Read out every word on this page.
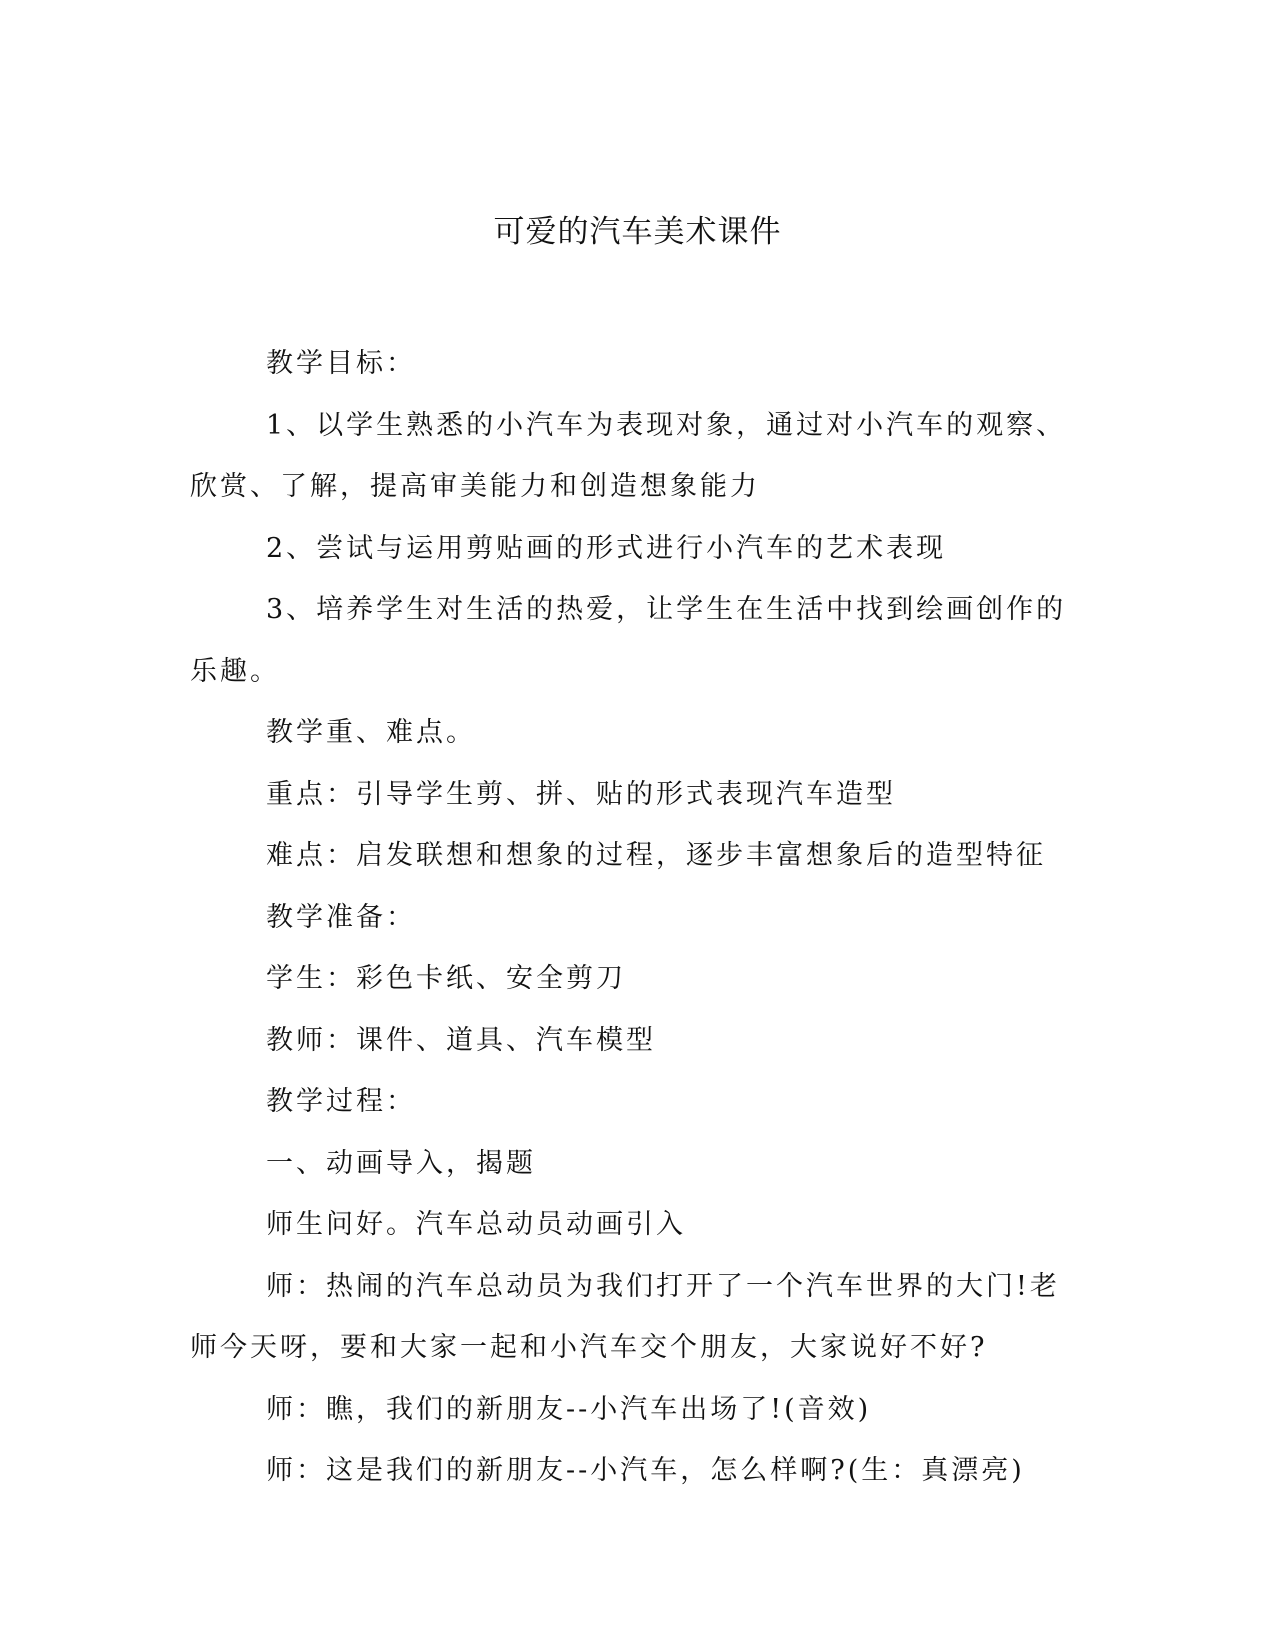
可爱的汽车美术课件

教学目标：

1、以学生熟悉的小汽车为表现对象，通过对小汽车的观察、欣赏、了解，提高审美能力和创造想象能力

2、尝试与运用剪贴画的形式进行小汽车的艺术表现

3、培养学生对生活的热爱，让学生在生活中找到绘画创作的乐趣。

教学重、难点。

重点：引导学生剪、拼、贴的形式表现汽车造型

难点：启发联想和想象的过程，逐步丰富想象后的造型特征

教学准备：

学生：彩色卡纸、安全剪刀

教师：课件、道具、汽车模型

教学过程：

一、动画导入，揭题

师生问好。汽车总动员动画引入

师：热闹的汽车总动员为我们打开了一个汽车世界的大门!老师今天呀，要和大家一起和小汽车交个朋友，大家说好不好?

师：瞧，我们的新朋友--小汽车出场了!(音效)

师：这是我们的新朋友--小汽车，怎么样啊?(生：真漂亮)
